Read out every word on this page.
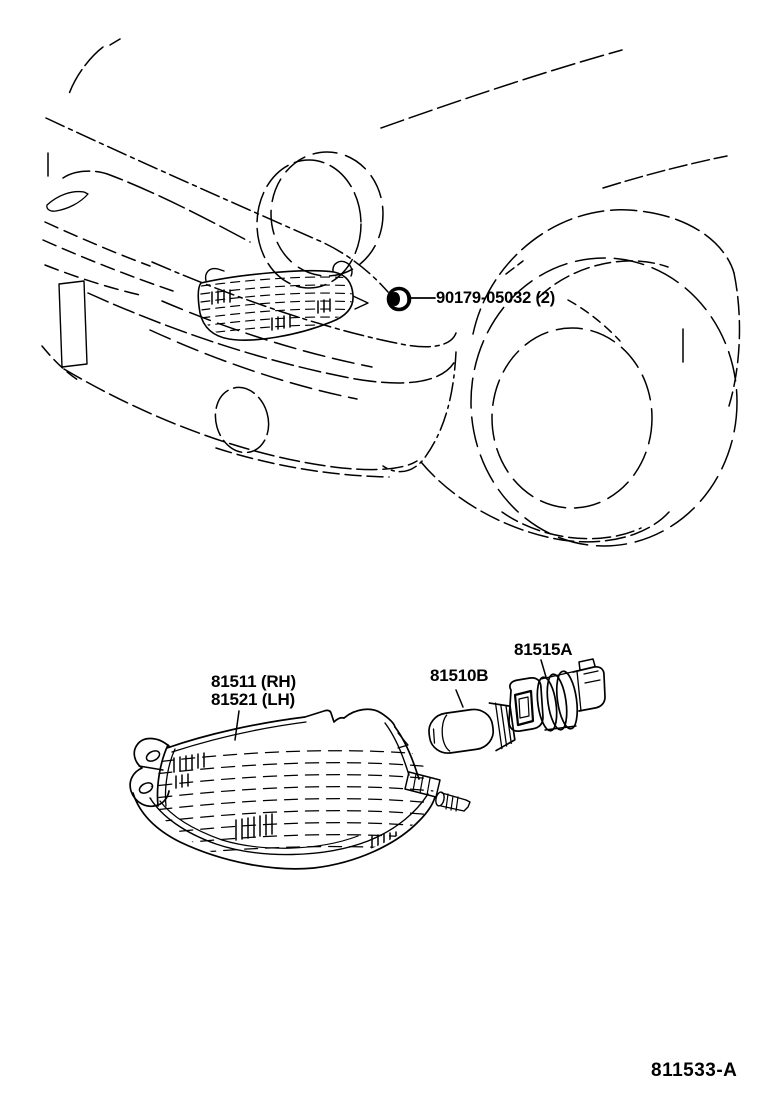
90179-05032 (2)
81511 (RH)
81521 (LH)
81510B
81515A
811533-A
